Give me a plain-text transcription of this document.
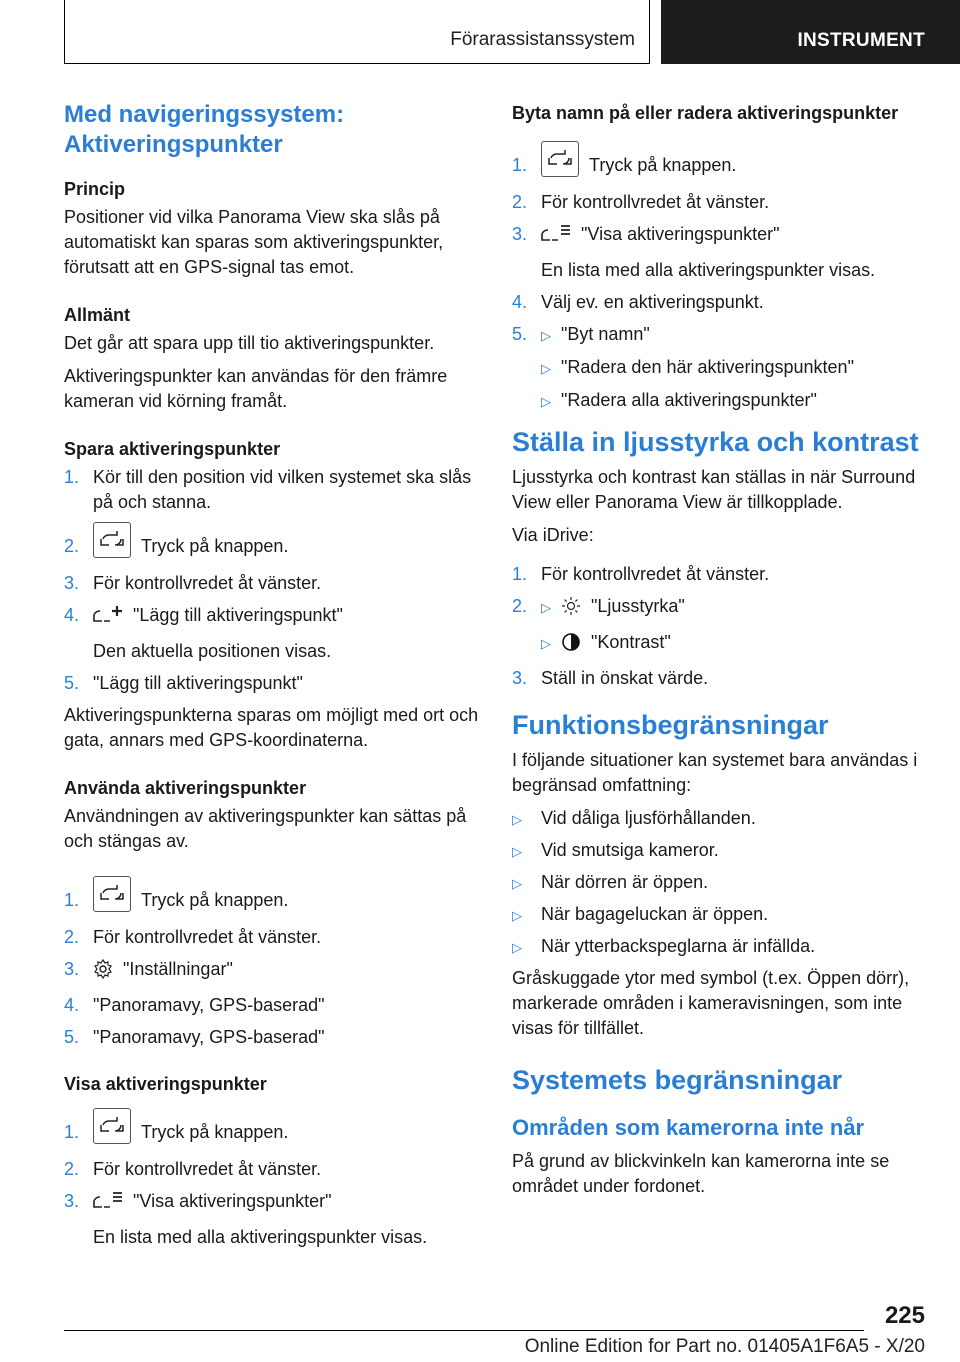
Förarassistanssystem	INSTRUMENT
Med navigeringssystem: Aktiveringspunkter
Princip

Positioner vid vilka Panorama View ska slås på automatiskt kan sparas som aktiveringspunkter, förutsatt att en GPS-signal tas emot.

Allmänt

Det går att spara upp till tio aktiveringspunkter.

Aktiveringspunkter kan användas för den främre kameran vid körning framåt.

Spara aktiveringspunkter
1. Kör till den position vid vilken systemet ska slås på och stanna.
2.	Tryck på knappen.
3. För kontrollvredet åt vänster.
4.	"Lägg till aktiveringspunkt"
Den aktuella positionen visas.
5. "Lägg till aktiveringspunkt"

Aktiveringspunkterna sparas om möjligt med ort och gata, annars med GPS-koordinaterna.

Använda aktiveringspunkter

Användningen av aktiveringspunkter kan sättas på och stängas av.

1.	Tryck på knappen.
2. För kontrollvredet åt vänster.
3. "Inställningar"
4. "Panoramavy, GPS-baserad"
5. "Panoramavy, GPS-baserad"
Visa aktiveringspunkter
1.	Tryck på knappen.
2. För kontrollvredet åt vänster.
3.	"Visa aktiveringspunkter"
En lista med alla aktiveringspunkter visas.
Byta namn på eller radera aktiveringspunkter
1.	Tryck på knappen.
2. För kontrollvredet åt vänster.
3.	"Visa aktiveringspunkter"
En lista med alla aktiveringspunkter visas.
4. Välj ev. en aktiveringspunkt.
5. ▷ "Byt namn"
▷ "Radera den här aktiveringspunkten"
▷ "Radera alla aktiveringspunkter"
Ställa in ljusstyrka och kontrast

Ljusstyrka och kontrast kan ställas in när Surround View eller Panorama View är tillkopplade.

Via iDrive:

1. För kontrollvredet åt vänster.
2. ▷ "Ljusstyrka"
▷ "Kontrast"
3. Ställ in önskat värde.
Funktionsbegränsningar

I följande situationer kan systemet bara användas i begränsad omfattning:

▷ Vid dåliga ljusförhållanden.
▷ Vid smutsiga kameror.
▷ När dörren är öppen.
▷ När bagageluckan är öppen.
▷ När ytterbackspeglarna är infällda.

Gråskuggade ytor med symbol (t.ex. Öppen dörr), markerade områden i kameravisningen, som inte visas för tillfället.

Systemets begränsningar
Områden som kamerorna inte når

På grund av blickvinkeln kan kamerorna inte se området under fordonet.

225
Online Edition for Part no. 01405A1F6A5 - X/20
